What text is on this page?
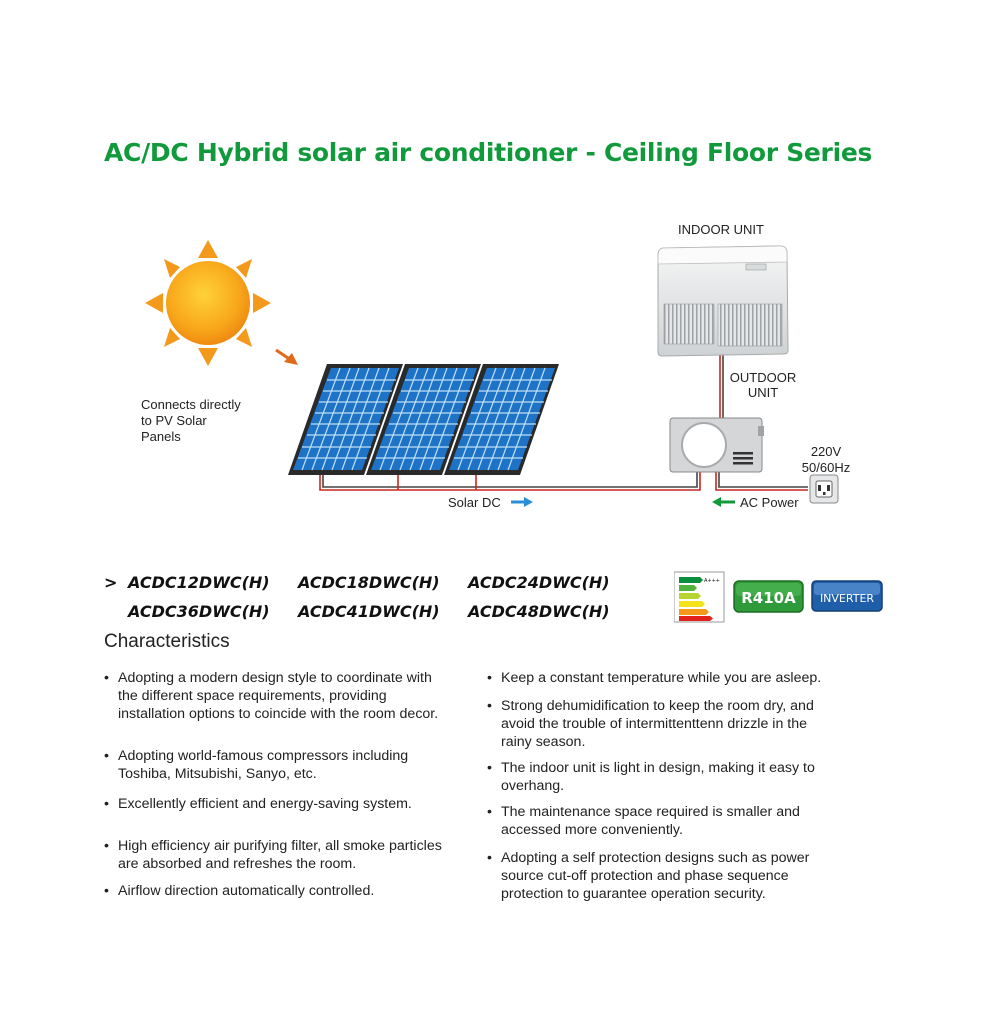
AC/DC Hybrid solar air conditioner - Ceiling Floor Series
INDOOR UNIT
OUTDOOR
UNIT
Connects directly
to PV Solar
Panels
220V
50/60Hz
Solar DC	AC Power
> ACDC12DWC(H)	ACDC18DWC(H)	ACDC24DWC(H)
ACDC36DWC(H)	ACDC41DWC(H)	ACDC48DWC(H)
A+++
R410A INVERTER
Characteristics
• Adopting a modern design style to coordinate with
the different space requirements, providing
installation options to coincide with the room decor.
• Adopting world-famous compressors including
Toshiba, Mitsubishi, Sanyo, etc.
• Excellently efficient and energy-saving system.
• High efficiency air purifying filter, all smoke particles
are absorbed and refreshes the room.
• Airflow direction automatically controlled.
• Keep a constant temperature while you are asleep.
• Strong dehumidification to keep the room dry, and
avoid the trouble of intermittenttenn drizzle in the
rainy season.
• The indoor unit is light in design, making it easy to
overhang.
• The maintenance space required is smaller and
accessed more conveniently.
• Adopting a self protection designs such as power
source cut-off protection and phase sequence
protection to guarantee operation security.
